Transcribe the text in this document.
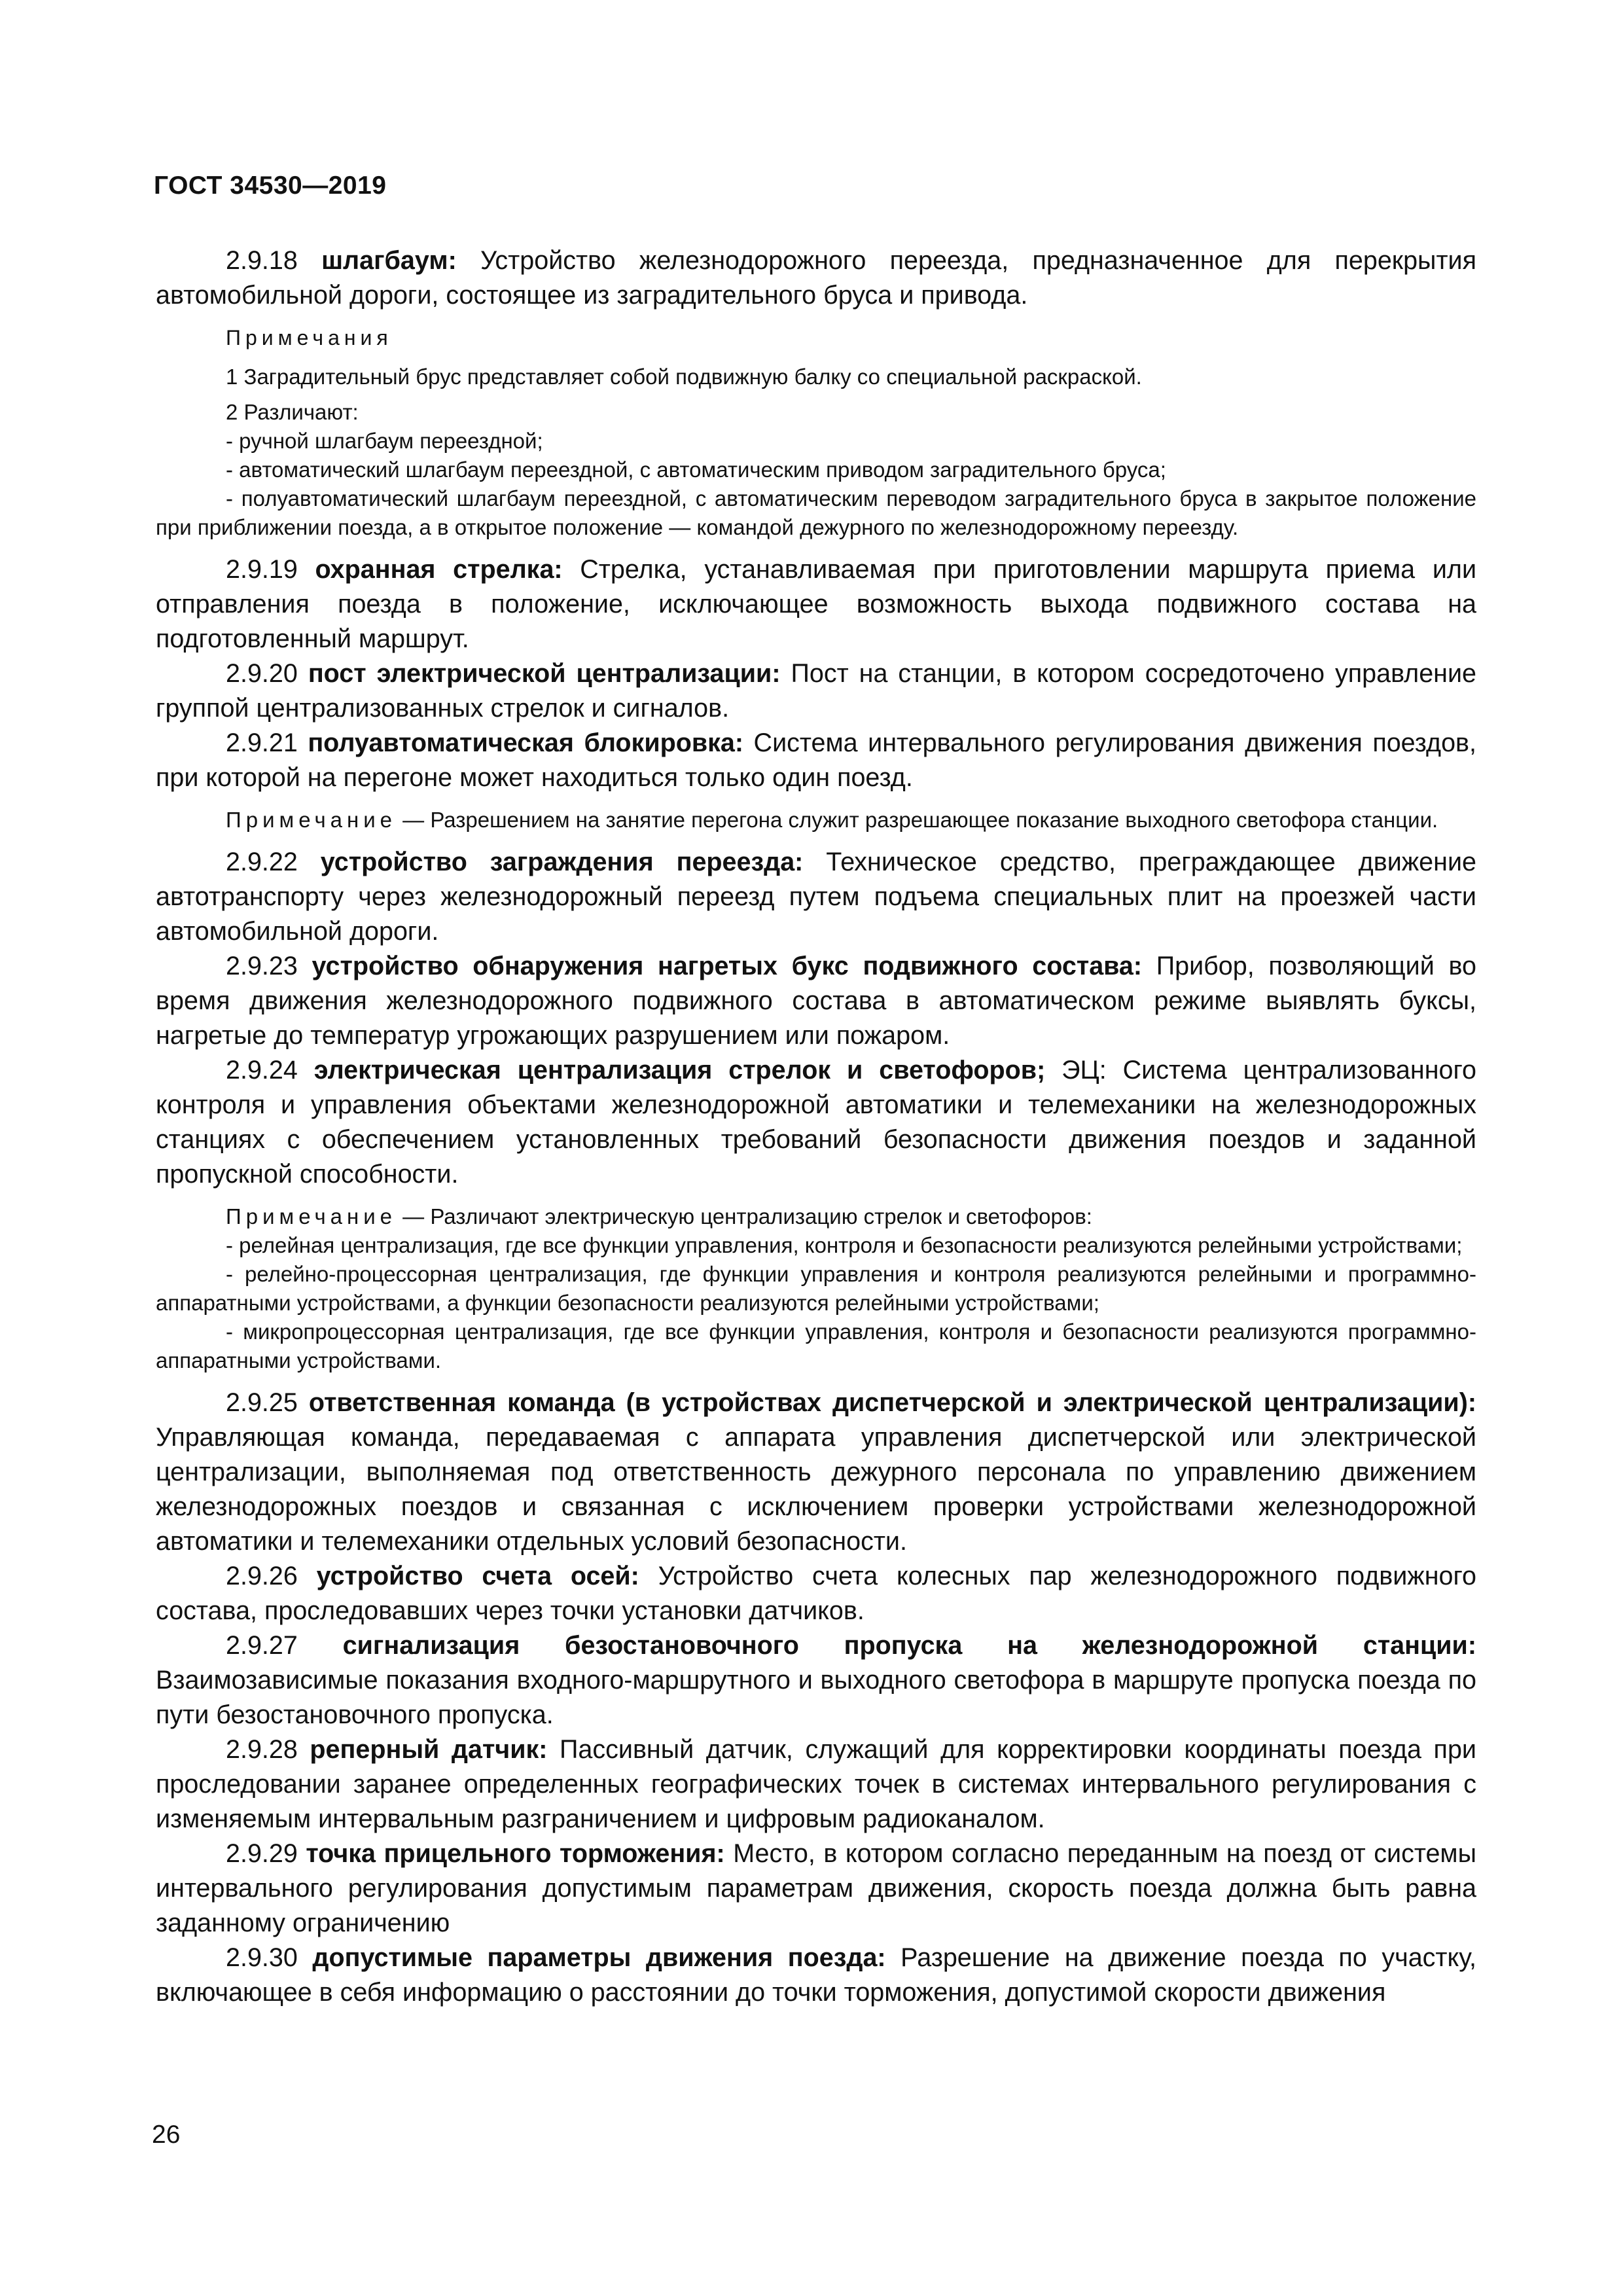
ГОСТ 34530—2019

2.9.18 шлагбаум: Устройство железнодорожного переезда, предназначенное для перекрытия автомобильной дороги, состоящее из заградительного бруса и привода.

Примечания

1 Заградительный брус представляет собой подвижную балку со специальной раскраской.

2 Различают:

- ручной шлагбаум переездной;

- автоматический шлагбаум переездной, с автоматическим приводом заградительного бруса;

- полуавтоматический шлагбаум переездной, с автоматическим переводом заградительного бруса в закрытое положение при приближении поезда, а в открытое положение — командой дежурного по железнодорожному переезду.

2.9.19 охранная стрелка: Стрелка, устанавливаемая при приготовлении маршрута приема или отправления поезда в положение, исключающее возможность выхода подвижного состава на подготовленный маршрут.

2.9.20 пост электрической централизации: Пост на станции, в котором сосредоточено управление группой централизованных стрелок и сигналов.

2.9.21 полуавтоматическая блокировка: Система интервального регулирования движения поездов, при которой на перегоне может находиться только один поезд.

Примечание — Разрешением на занятие перегона служит разрешающее показание выходного светофора станции.

2.9.22 устройство заграждения переезда: Техническое средство, преграждающее движение автотранспорту через железнодорожный переезд путем подъема специальных плит на проезжей части автомобильной дороги.

2.9.23 устройство обнаружения нагретых букс подвижного состава: Прибор, позволяющий во время движения железнодорожного подвижного состава в автоматическом режиме выявлять буксы, нагретые до температур угрожающих разрушением или пожаром.

2.9.24 электрическая централизация стрелок и светофоров; ЭЦ: Система централизованного контроля и управления объектами железнодорожной автоматики и телемеханики на железнодорожных станциях с обеспечением установленных требований безопасности движения поездов и заданной пропускной способности.

Примечание — Различают электрическую централизацию стрелок и светофоров:

- релейная централизация, где все функции управления, контроля и безопасности реализуются релейными устройствами;

- релейно-процессорная централизация, где функции управления и контроля реализуются релейными и программно-аппаратными устройствами, а функции безопасности реализуются релейными устройствами;

- микропроцессорная централизация, где все функции управления, контроля и безопасности реализуются программно-аппаратными устройствами.

2.9.25 ответственная команда (в устройствах диспетчерской и электрической централизации): Управляющая команда, передаваемая с аппарата управления диспетчерской или электрической централизации, выполняемая под ответственность дежурного персонала по управлению движением железнодорожных поездов и связанная с исключением проверки устройствами железнодорожной автоматики и телемеханики отдельных условий безопасности.

2.9.26 устройство счета осей: Устройство счета колесных пар железнодорожного подвижного состава, проследовавших через точки установки датчиков.

2.9.27 сигнализация безостановочного пропуска на железнодорожной станции: Взаимозависимые показания входного-маршрутного и выходного светофора в маршруте пропуска поезда по пути безостановочного пропуска.

2.9.28 реперный датчик: Пассивный датчик, служащий для корректировки координаты поезда при проследовании заранее определенных географических точек в системах интервального регулирования с изменяемым интервальным разграничением и цифровым радиоканалом.

2.9.29 точка прицельного торможения: Место, в котором согласно переданным на поезд от системы интервального регулирования допустимым параметрам движения, скорость поезда должна быть равна заданному ограничению

2.9.30 допустимые параметры движения поезда: Разрешение на движение поезда по участку, включающее в себя информацию о расстоянии до точки торможения, допустимой скорости движения

26
